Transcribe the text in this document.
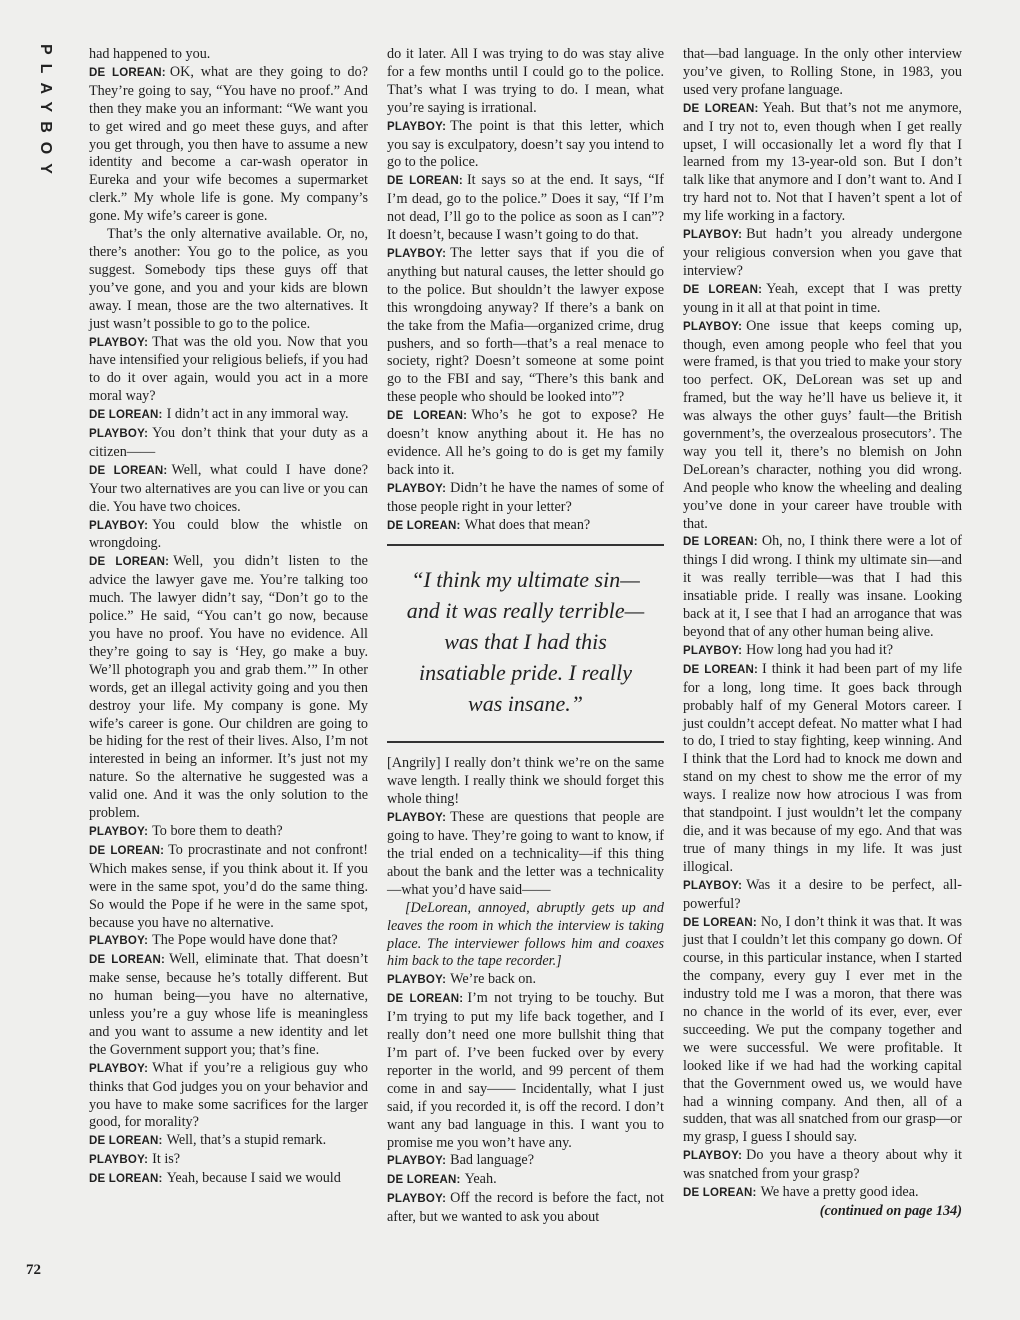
PLAYBOY
72

had happened to you.

DE LOREAN: OK, what are they going to do? They’re going to say, “You have no proof.” And then they make you an informant: “We want you to get wired and go meet these guys, and after you get through, you then have to assume a new identity and become a car-wash operator in Eureka and your wife becomes a supermarket clerk.” My whole life is gone. My company’s gone. My wife’s career is gone.

That’s the only alternative available. Or, no, there’s another: You go to the police, as you suggest. Somebody tips these guys off that you’ve gone, and you and your kids are blown away. I mean, those are the two alternatives. It just wasn’t possible to go to the police.

PLAYBOY: That was the old you. Now that you have intensified your religious beliefs, if you had to do it over again, would you act in a more moral way?

DE LOREAN: I didn’t act in any immoral way.

PLAYBOY: You don’t think that your duty as a citizen——

DE LOREAN: Well, what could I have done? Your two alternatives are you can live or you can die. You have two choices.

PLAYBOY: You could blow the whistle on wrongdoing.

DE LOREAN: Well, you didn’t listen to the advice the lawyer gave me. You’re talking too much. The lawyer didn’t say, “Don’t go to the police.” He said, “You can’t go now, because you have no proof. You have no evidence. All they’re going to say is ‘Hey, go make a buy. We’ll photograph you and grab them.’” In other words, get an illegal activity going and you then destroy your life. My company is gone. My wife’s career is gone. Our children are going to be hiding for the rest of their lives. Also, I’m not interested in being an informer. It’s just not my nature. So the alternative he suggested was a valid one. And it was the only solution to the problem.

PLAYBOY: To bore them to death?

DE LOREAN: To procrastinate and not confront! Which makes sense, if you think about it. If you were in the same spot, you’d do the same thing. So would the Pope if he were in the same spot, because you have no alternative.

PLAYBOY: The Pope would have done that?

DE LOREAN: Well, eliminate that. That doesn’t make sense, because he’s totally different. But no human being—you have no alternative, unless you’re a guy whose life is meaningless and you want to assume a new identity and let the Government support you; that’s fine.

PLAYBOY: What if you’re a religious guy who thinks that God judges you on your behavior and you have to make some sacrifices for the larger good, for morality?

DE LOREAN: Well, that’s a stupid remark.

PLAYBOY: It is?

DE LOREAN: Yeah, because I said we would

do it later. All I was trying to do was stay alive for a few months until I could go to the police. That’s what I was trying to do. I mean, what you’re saying is irrational.

PLAYBOY: The point is that this letter, which you say is exculpatory, doesn’t say you intend to go to the police.

DE LOREAN: It says so at the end. It says, “If I’m dead, go to the police.” Does it say, “If I’m not dead, I’ll go to the police as soon as I can”? It doesn’t, because I wasn’t going to do that.

PLAYBOY: The letter says that if you die of anything but natural causes, the letter should go to the police. But shouldn’t the lawyer expose this wrongdoing anyway? If there’s a bank on the take from the Mafia—organized crime, drug pushers, and so forth—that’s a real menace to society, right? Doesn’t someone at some point go to the FBI and say, “There’s this bank and these people who should be looked into”?

DE LOREAN: Who’s he got to expose? He doesn’t know anything about it. He has no evidence. All he’s going to do is get my family back into it.

PLAYBOY: Didn’t he have the names of some of those people right in your letter?

DE LOREAN: What does that mean?

“I think my ultimate sin—and it was really terrible—was that I had this insatiable pride. I really was insane.”

[Angrily] I really don’t think we’re on the same wave length. I really think we should forget this whole thing!

PLAYBOY: These are questions that people are going to have. They’re going to want to know, if the trial ended on a technicality—if this thing about the bank and the letter was a technicality—what you’d have said——

[DeLorean, annoyed, abruptly gets up and leaves the room in which the interview is taking place. The interviewer follows him and coaxes him back to the tape recorder.]

PLAYBOY: We’re back on.

DE LOREAN: I’m not trying to be touchy. But I’m trying to put my life back together, and I really don’t need one more bullshit thing that I’m part of. I’ve been fucked over by every reporter in the world, and 99 percent of them come in and say—— Incidentally, what I just said, if you recorded it, is off the record. I don’t want any bad language in this. I want you to promise me you won’t have any.

PLAYBOY: Bad language?

DE LOREAN: Yeah.

PLAYBOY: Off the record is before the fact, not after, but we wanted to ask you about

that—bad language. In the only other interview you’ve given, to Rolling Stone, in 1983, you used very profane language.

DE LOREAN: Yeah. But that’s not me anymore, and I try not to, even though when I get really upset, I will occasionally let a word fly that I learned from my 13-year-old son. But I don’t talk like that anymore and I don’t want to. And I try hard not to. Not that I haven’t spent a lot of my life working in a factory.

PLAYBOY: But hadn’t you already undergone your religious conversion when you gave that interview?

DE LOREAN: Yeah, except that I was pretty young in it all at that point in time.

PLAYBOY: One issue that keeps coming up, though, even among people who feel that you were framed, is that you tried to make your story too perfect. OK, DeLorean was set up and framed, but the way he’ll have us believe it, it was always the other guys’ fault—the British government’s, the overzealous prosecutors’. The way you tell it, there’s no blemish on John DeLorean’s character, nothing you did wrong. And people who know the wheeling and dealing you’ve done in your career have trouble with that.

DE LOREAN: Oh, no, I think there were a lot of things I did wrong. I think my ultimate sin—and it was really terrible—was that I had this insatiable pride. I really was insane. Looking back at it, I see that I had an arrogance that was beyond that of any other human being alive.

PLAYBOY: How long had you had it?

DE LOREAN: I think it had been part of my life for a long, long time. It goes back through probably half of my General Motors career. I just couldn’t accept defeat. No matter what I had to do, I tried to stay fighting, keep winning. And I think that the Lord had to knock me down and stand on my chest to show me the error of my ways. I realize now how atrocious I was from that standpoint. I just wouldn’t let the company die, and it was because of my ego. And that was true of many things in my life. It was just illogical.

PLAYBOY: Was it a desire to be perfect, all-powerful?

DE LOREAN: No, I don’t think it was that. It was just that I couldn’t let this company go down. Of course, in this particular instance, when I started the company, every guy I ever met in the industry told me I was a moron, that there was no chance in the world of its ever, ever, ever succeeding. We put the company together and we were successful. We were profitable. It looked like if we had had the working capital that the Government owed us, we would have had a winning company. And then, all of a sudden, that was all snatched from our grasp—or my grasp, I guess I should say.

PLAYBOY: Do you have a theory about why it was snatched from your grasp?

DE LOREAN: We have a pretty good idea.

(continued on page 134)
